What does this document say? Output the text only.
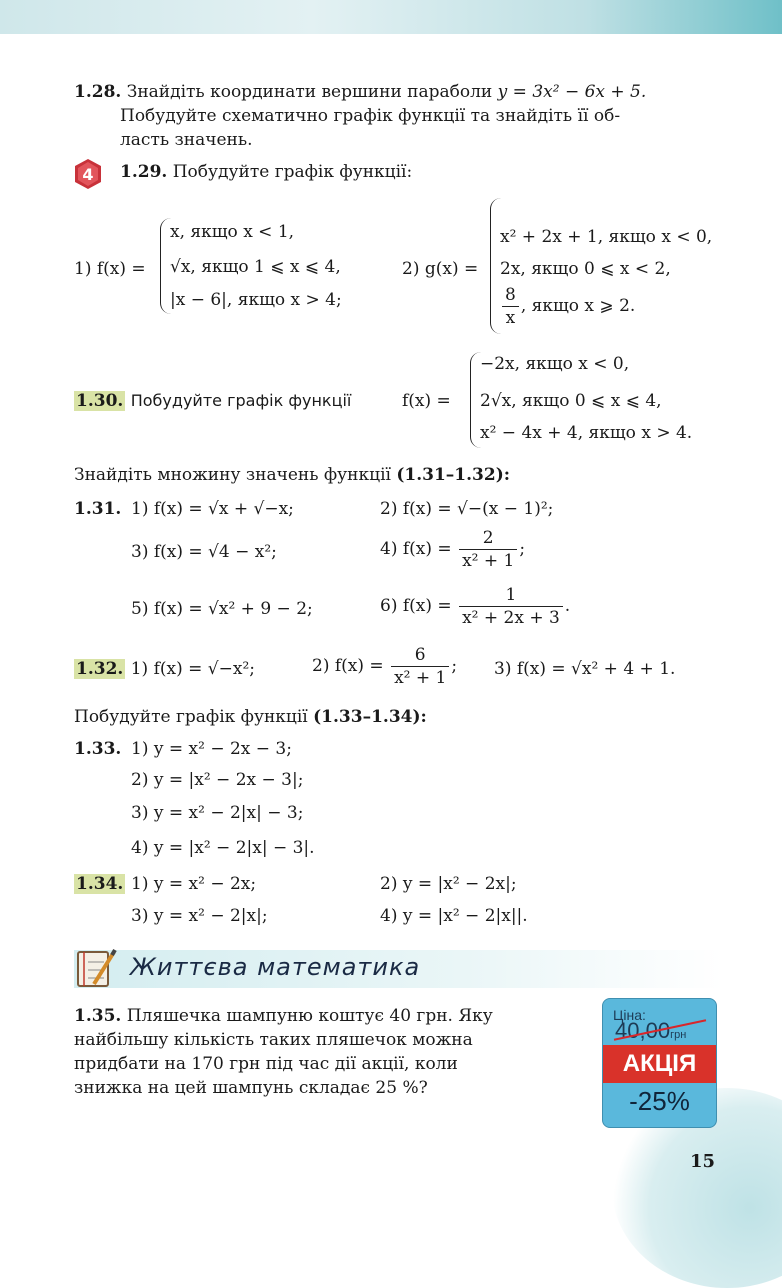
1.28. Знайдіть координати вершини параболи y = 3x² − 6x + 5.
Побудуйте схематично графік функції та знайдіть її об-
ласть значень.
4 1.29. Побудуйте графік функції:
1) f(x) =
x, якщо x < 1,
√x, якщо 1 ⩽ x ⩽ 4,
|x − 6|, якщо x > 4;
2) g(x) =
x² + 2x + 1, якщо x < 0,
2x, якщо 0 ⩽ x < 2,
$\frac{8}{x}$ , якщо x ⩾ 2.
1.30. Побудуйте графік функції	f(x) =
−2x, якщо x < 0,
2√x, якщо 0 ⩽ x ⩽ 4,
x² − 4x + 4, якщо x > 4.
Знайдіть множину значень функції (1.31–1.32):
1.31. 1) f(x) = √x + √−x;	2) f(x) = √−(x − 1)²;
3) f(x) = √4 − x²;	4) $f(x) = \frac{2}{\text{x² + 1}}$ ;
5) f(x) = √x² + 9 − 2;	6) $f(x) = \frac{1}{\text{x² + 2x + 3}}$ .
1.32. 1) f(x) = √−x²;	2) $f(x) = \frac{6}{\text{x² + 1}}$ ; 3) f(x) = √x² + 4 + 1.
Побудуйте графік функції (1.33–1.34):
1.33. 1) y = x² − 2x − 3;
2) y = |x² − 2x − 3|;
3) y = x² − 2|x| − 3;
4) y = |x² − 2|x| − 3|.
1.34. 1) y = x² − 2x;	2) y = |x² − 2x|;
3) y = x² − 2|x|;	4) y = |x² − 2|x||.
Життєва математика
1.35. Пляшечка шампуню коштує 40 грн. Яку
найбільшу кількість таких пляшечок можна
придбати на 170 грн під час дії акції, коли
знижка на цей шампунь складає 25 %?
Ціна:
40,00грн
АКЦІЯ
-25%
15
